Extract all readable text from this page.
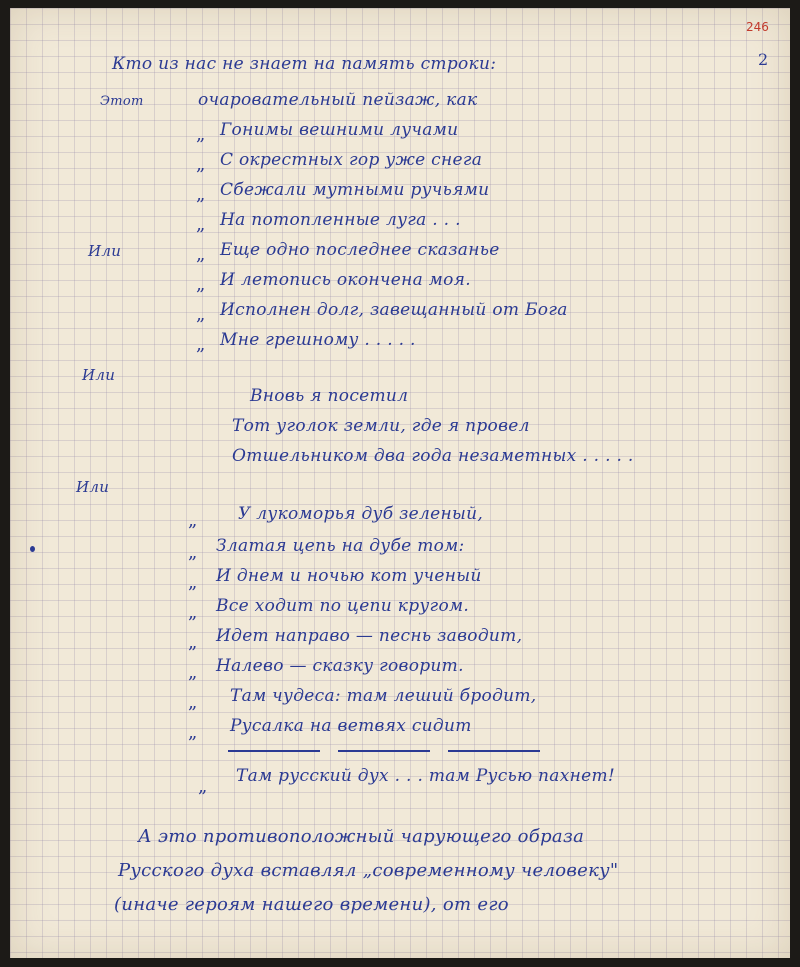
246
2
Кто из нас не знает на память строки:
Этот	очаровательный пейзаж, как
„ Гонимы вешними лучами
„ С окрестных гор уже снега
„ Сбежали мутными ручьями
„ На потопленные луга . . .
Или	„ Еще одно последнее сказанье
„ И летопись окончена моя.
„ Исполнен долг, завещанный от Бога
„ Мне грешному . . . . .
Или
Вновь я посетил
Тот уголок земли, где я провел
Отшельником два года незаметных . . . . .
Или
„ У лукоморья дуб зеленый,
„ Златая цепь на дубе том:
„ И днем и ночью кот ученый
„ Все ходит по цепи кругом.
„ Идет направо — песнь заводит,
„ Налево — сказку говорит.
„ Там чудеса: там леший бродит,
„ Русалка на ветвях сидит
„ Там русский дух . . . там Русью пахнет!
А это противоположный чарующего образа
Русского духа вставлял „современному человеку"
(иначе героям нашего времени), от его
